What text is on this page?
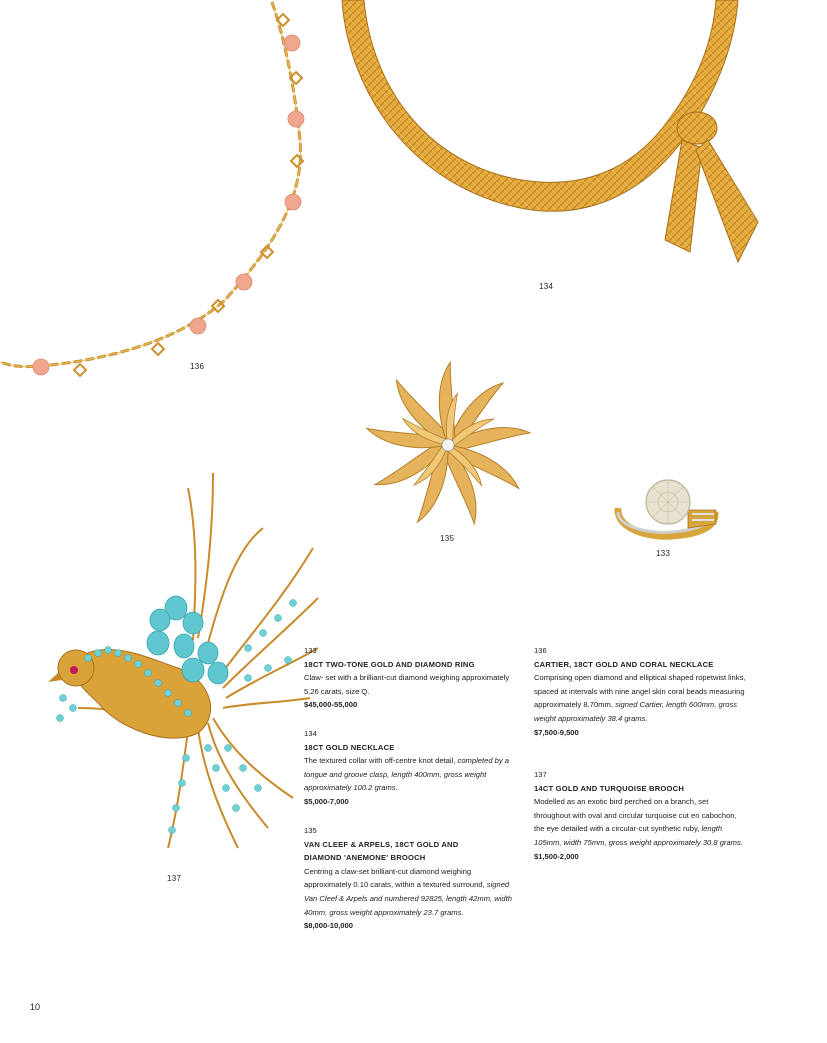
136
134
135
133
137
133
18CT TWO-TONE GOLD AND DIAMOND RING
Claw- set with a brilliant-cut diamond weighing approximately 5.26 carats, size Q.
$45,000-55,000
134
18CT GOLD NECKLACE
The textured collar with off-centre knot detail, completed by a tongue and groove clasp, length 400mm, gross weight approximately 100.2 grams.
$5,000-7,000
135
VAN CLEEF & ARPELS, 18CT GOLD AND DIAMOND 'ANEMONE' BROOCH
Centring a claw-set brilliant-cut diamond weighing approximately 0.10 carats, within a textured surround, signed Van Cleef & Arpels and numbered 92825, length 42mm, width 40mm, gross weight approximately 23.7 grams.
$8,000-10,000
136
CARTIER, 18CT GOLD AND CORAL NECKLACE
Comprising open diamond and elliptical shaped ropetwist links, spaced at intervals with nine angel skin coral beads measuring approximately 8.70mm, signed Cartier, length 600mm, gross weight approximately 38.4 grams.
$7,500-9,500
137
14CT GOLD AND TURQUOISE BROOCH
Modelled as an exotic bird perched on a branch, set throughout with oval and circular turquoise cut en cabochon, the eye detailed with a circular-cut synthetic ruby, length 105mm, width 75mm, gross weight approximately 30.8 grams.
$1,500-2,000
10
